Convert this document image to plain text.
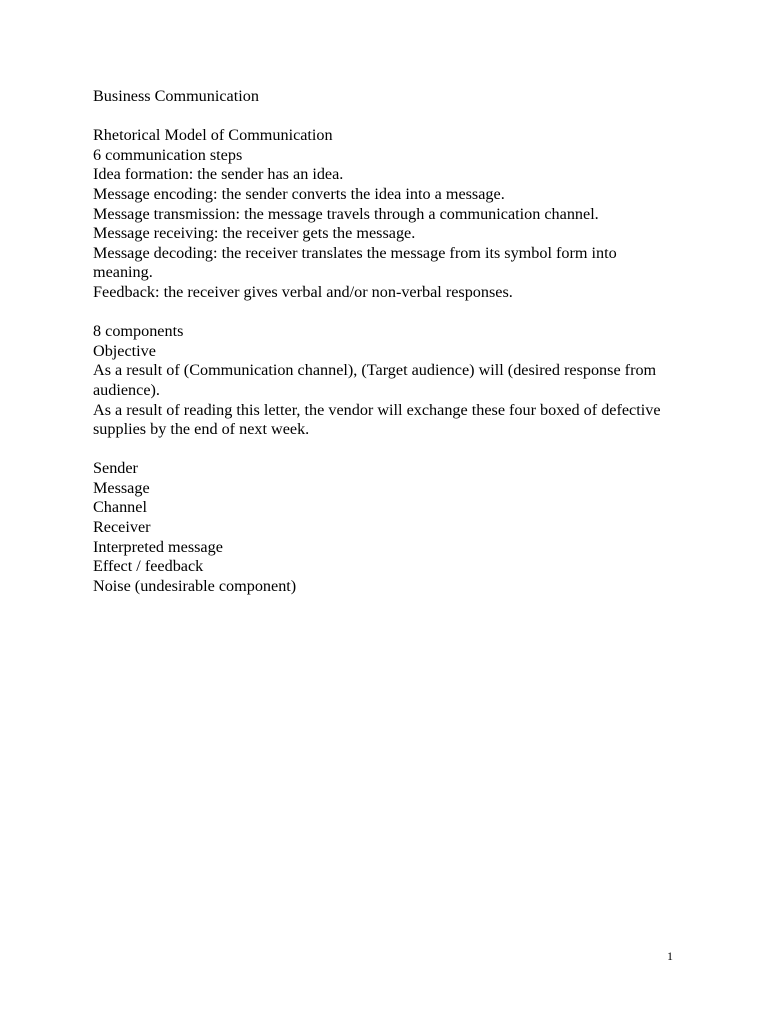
Business Communication
Rhetorical Model of Communication
6 communication steps
Idea formation: the sender has an idea.
Message encoding: the sender converts the idea into a message.
Message transmission: the message travels through a communication channel.
Message receiving: the receiver gets the message.
Message decoding: the receiver translates the message from its symbol form into meaning.
Feedback: the receiver gives verbal and/or non-verbal responses.
8 components
Objective
As a result of (Communication channel), (Target audience) will (desired response from audience).
As a result of reading this letter, the vendor will exchange these four boxed of defective supplies by the end of next week.
Sender
Message
Channel
Receiver
Interpreted message
Effect / feedback
Noise (undesirable component)
1
